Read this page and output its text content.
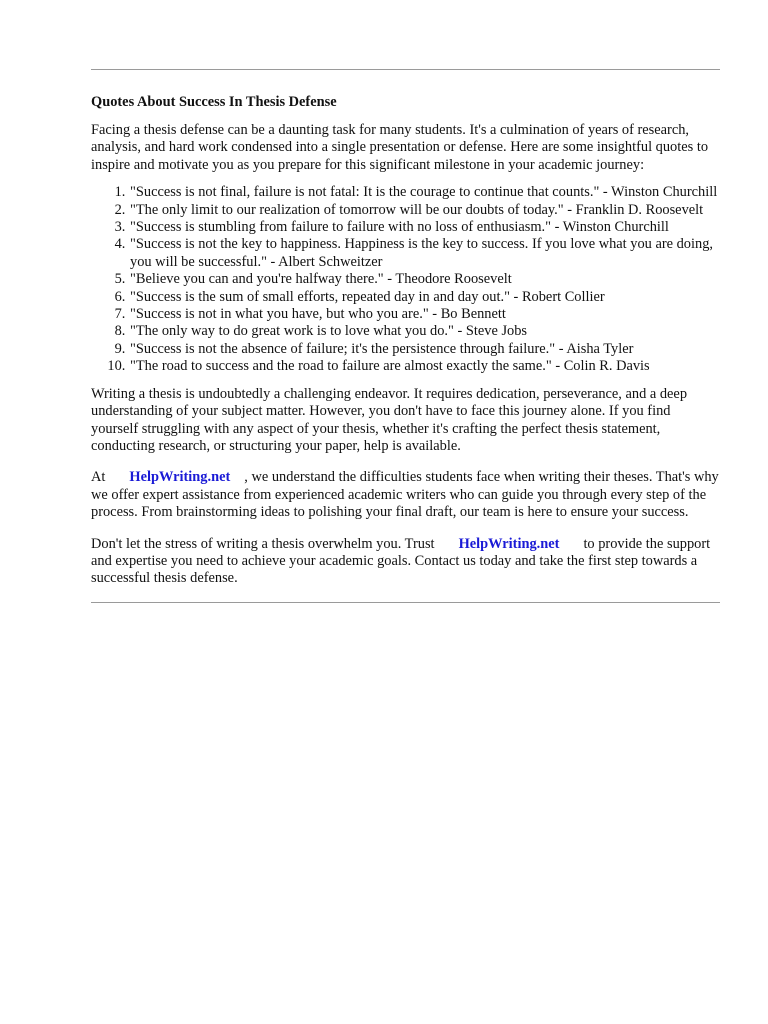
Quotes About Success In Thesis Defense

Facing a thesis defense can be a daunting task for many students. It's a culmination of years of research, analysis, and hard work condensed into a single presentation or defense. Here are some insightful quotes to inspire and motivate you as you prepare for this significant milestone in your academic journey:

1. "Success is not final, failure is not fatal: It is the courage to continue that counts." - Winston Churchill
2. "The only limit to our realization of tomorrow will be our doubts of today." - Franklin D. Roosevelt
3. "Success is stumbling from failure to failure with no loss of enthusiasm." - Winston Churchill
4. "Success is not the key to happiness. Happiness is the key to success. If you love what you are doing, you will be successful." - Albert Schweitzer
5. "Believe you can and you're halfway there." - Theodore Roosevelt
6. "Success is the sum of small efforts, repeated day in and day out." - Robert Collier
7. "Success is not in what you have, but who you are." - Bo Bennett
8. "The only way to do great work is to love what you do." - Steve Jobs
9. "Success is not the absence of failure; it's the persistence through failure." - Aisha Tyler
10. "The road to success and the road to failure are almost exactly the same." - Colin R. Davis

Writing a thesis is undoubtedly a challenging endeavor. It requires dedication, perseverance, and a deep understanding of your subject matter. However, you don't have to face this journey alone. If you find yourself struggling with any aspect of your thesis, whether it's crafting the perfect thesis statement, conducting research, or structuring your paper, help is available.

At HelpWriting.net , we understand the difficulties students face when writing their theses. That's why we offer expert assistance from experienced academic writers who can guide you through every step of the process. From brainstorming ideas to polishing your final draft, our team is here to ensure your success.

Don't let the stress of writing a thesis overwhelm you. Trust HelpWriting.net to provide the support and expertise you need to achieve your academic goals. Contact us today and take the first step towards a successful thesis defense.
